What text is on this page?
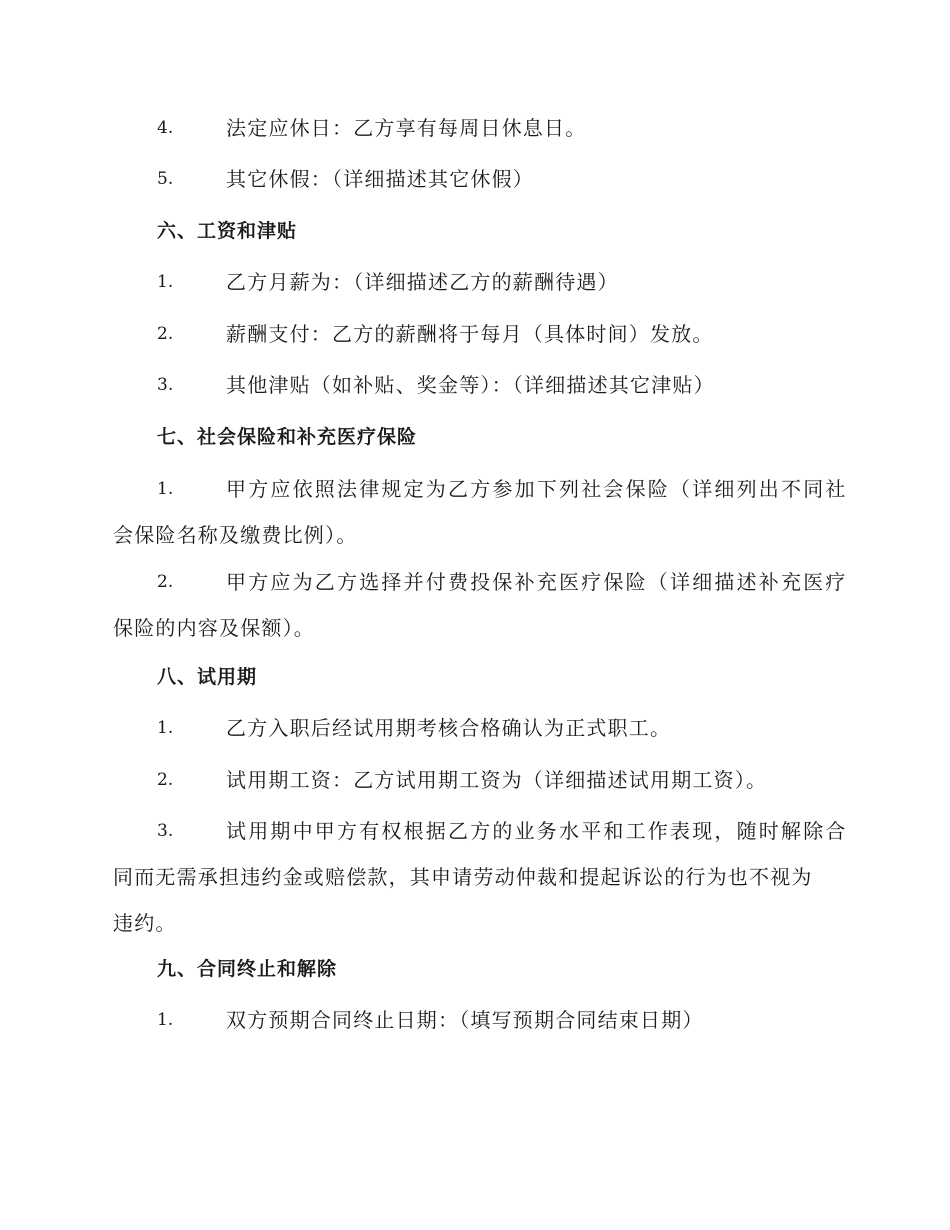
4.	法定应休日：乙方享有每周日休息日。
5.	其它休假：（详细描述其它休假）
六、工资和津贴
1.	乙方月薪为：（详细描述乙方的薪酬待遇）
2.	薪酬支付：乙方的薪酬将于每月（具体时间）发放。
3.	其他津贴（如补贴、奖金等）：（详细描述其它津贴）
七、社会保险和补充医疗保险
1.	甲方应依照法律规定为乙方参加下列社会保险（详细列出不同社
会保险名称及缴费比例）。
2.	甲方应为乙方选择并付费投保补充医疗保险（详细描述补充医疗
保险的内容及保额）。
八、试用期
1.	乙方入职后经试用期考核合格确认为正式职工。
2.	试用期工资：乙方试用期工资为（详细描述试用期工资）。
3.	试用期中甲方有权根据乙方的业务水平和工作表现，随时解除合
同而无需承担违约金或赔偿款，其申请劳动仲裁和提起诉讼的行为也不视为
违约。
九、合同终止和解除
1.	双方预期合同终止日期：（填写预期合同结束日期）
